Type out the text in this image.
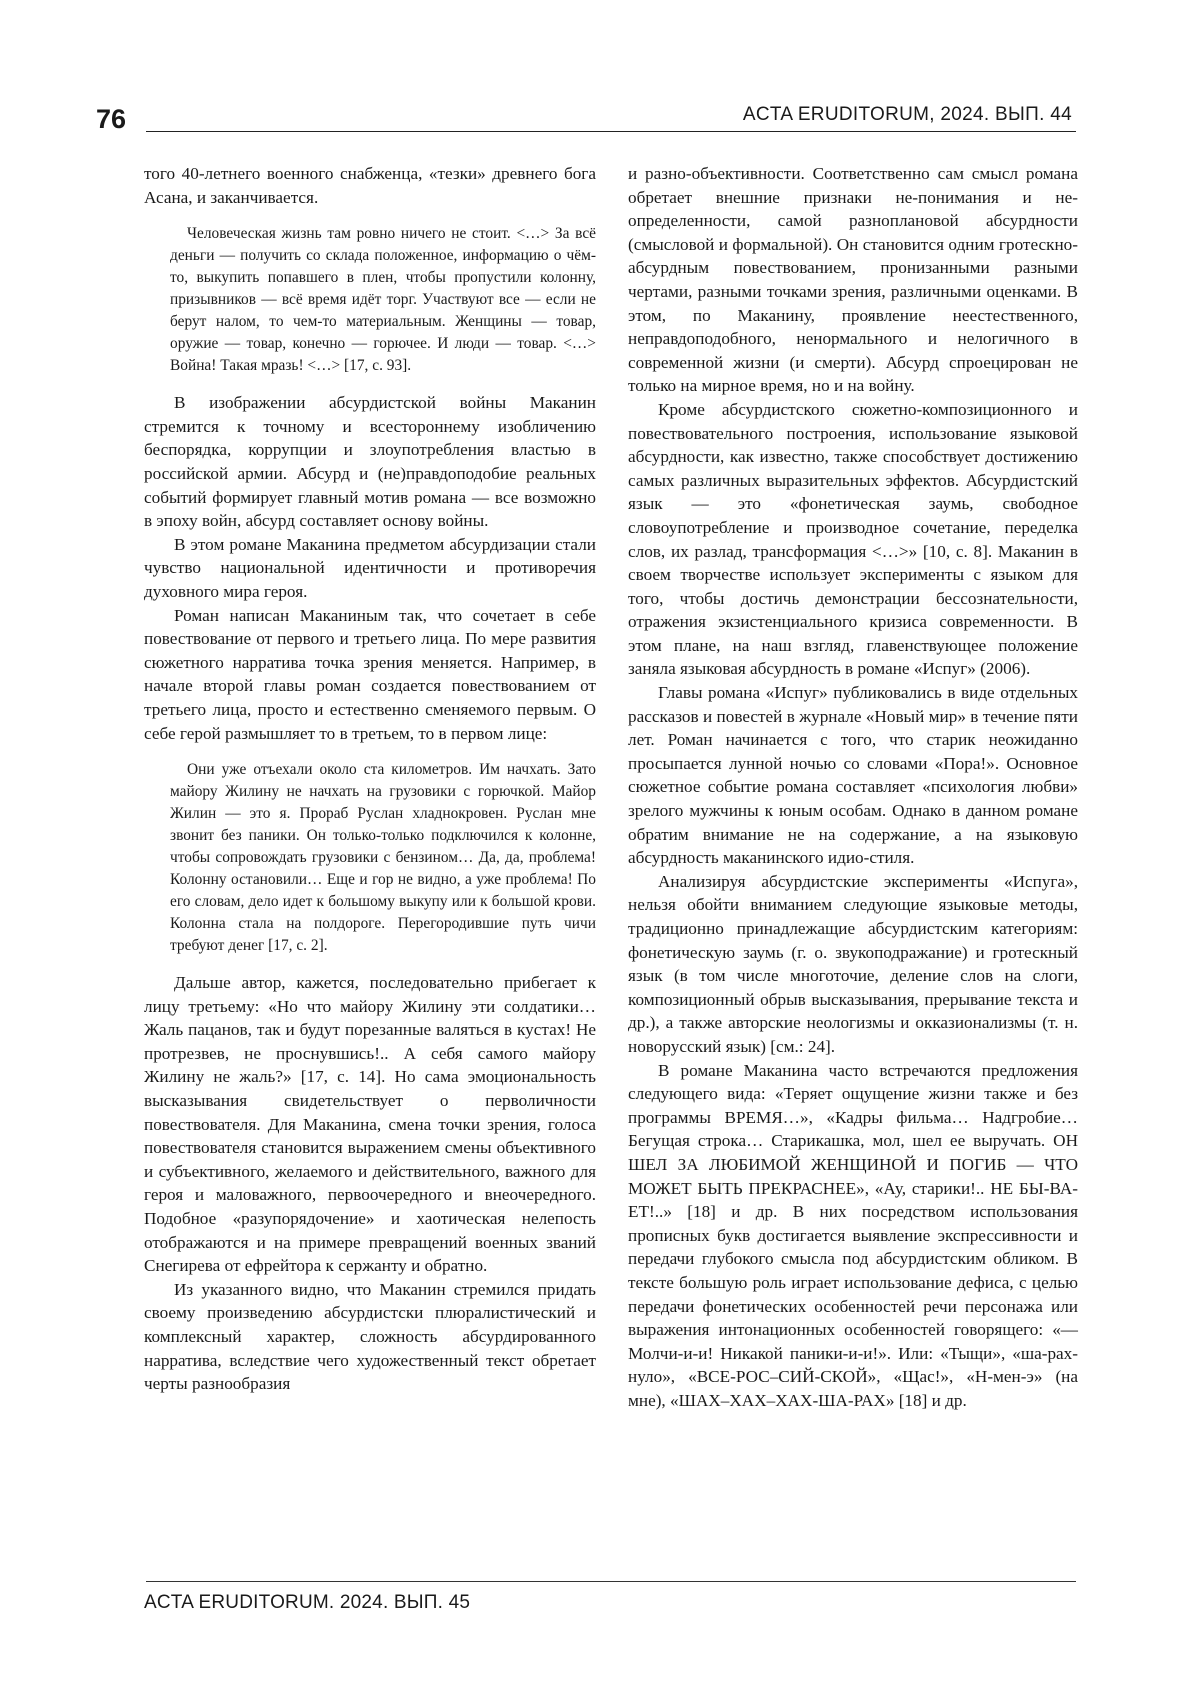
76	ACTA ERUDITORUM, 2024. ВЫП. 44

того 40-летнего военного снабженца, «тезки» древнего бога Асана, и заканчивается.

Человеческая жизнь там ровно ничего не стоит. <…> За всё деньги — получить со склада положенное, информацию о чём-то, выкупить попавшего в плен, чтобы пропустили колонну, призывников — всё время идёт торг. Участвуют все — если не берут налом, то чем-то материальным. Женщины — товар, оружие — товар, конечно — горючее. И люди — товар. <…> Война! Такая мразь! <…> [17, с. 93].

В изображении абсурдистской войны Маканин стремится к точному и всестороннему изобличению беспорядка, коррупции и злоупотребления властью в российской армии. Абсурд и (не)правдоподобие реальных событий формирует главный мотив романа — все возможно в эпоху войн, абсурд составляет основу войны.

В этом романе Маканина предметом абсурдизации стали чувство национальной идентичности и противоречия духовного мира героя.

Роман написан Маканиным так, что сочетает в себе повествование от первого и третьего лица. По мере развития сюжетного нарратива точка зрения меняется. Например, в начале второй главы роман создается повествованием от третьего лица, просто и естественно сменяемого первым. О себе герой размышляет то в третьем, то в первом лице:

Они уже отъехали около ста километров. Им начхать. Зато майору Жилину не начхать на грузовики с горючкой. Майор Жилин — это я. Прораб Руслан хладнокровен. Руслан мне звонит без паники. Он только-только подключился к колонне, чтобы сопровождать грузовики с бензином… Да, да, проблема! Колонну остановили… Еще и гор не видно, а уже проблема! По его словам, дело идет к большому выкупу или к большой крови. Колонна стала на полдороге. Перегородившие путь чичи требуют денег [17, с. 2].

Дальше автор, кажется, последовательно прибегает к лицу третьему: «Но что майору Жилину эти солдатики… Жаль пацанов, так и будут порезанные валяться в кустах! Не протрезвев, не проснувшись!.. А себя самого майору Жилину не жаль?» [17, с. 14]. Но сама эмоциональность высказывания свидетельствует о перволичности повествователя. Для Маканина, смена точки зрения, голоса повествователя становится выражением смены объективного и субъективного, желаемого и действительного, важного для героя и маловажного, первоочередного и внеочередного. Подобное «разупорядочение» и хаотическая нелепость отображаются и на примере превращений военных званий Снегирева от ефрейтора к сержанту и обратно.

Из указанного видно, что Маканин стремился придать своему произведению абсурдистски плюралистический и комплексный характер, сложность абсурдированного нарратива, вследствие чего художественный текст обретает черты разнообразия

и разно-объективности. Соответственно сам смысл романа обретает внешние признаки не-понимания и не-определенности, самой разноплановой абсурдности (смысловой и формальной). Он становится одним гротескно-абсурдным повествованием, пронизанными разными чертами, разными точками зрения, различными оценками. В этом, по Маканину, проявление неестественного, неправдоподобного, ненормального и нелогичного в современной жизни (и смерти). Абсурд спроецирован не только на мирное время, но и на войну.

Кроме абсурдистского сюжетно-композиционного и повествовательного построения, использование языковой абсурдности, как известно, также способствует достижению самых различных выразительных эффектов. Абсурдистский язык — это «фонетическая заумь, свободное словоупотребление и производное сочетание, переделка слов, их разлад, трансформация <…>» [10, с. 8]. Маканин в своем творчестве использует эксперименты с языком для того, чтобы достичь демонстрации бессознательности, отражения экзистенциального кризиса современности. В этом плане, на наш взгляд, главенствующее положение заняла языковая абсурдность в романе «Испуг» (2006).

Главы романа «Испуг» публиковались в виде отдельных рассказов и повестей в журнале «Новый мир» в течение пяти лет. Роман начинается с того, что старик неожиданно просыпается лунной ночью со словами «Пора!». Основное сюжетное событие романа составляет «психология любви» зрелого мужчины к юным особам. Однако в данном романе обратим внимание не на содержание, а на языковую абсурдность маканинского идио-стиля.

Анализируя абсурдистские эксперименты «Испуга», нельзя обойти вниманием следующие языковые методы, традиционно принадлежащие абсурдистским категориям: фонетическую заумь (г. о. звукоподражание) и гротескный язык (в том числе многоточие, деление слов на слоги, композиционный обрыв высказывания, прерывание текста и др.), а также авторские неологизмы и окказионализмы (т. н. новорусский язык) [см.: 24].

В романе Маканина часто встречаются предложения следующего вида: «Теряет ощущение жизни также и без программы ВРЕМЯ…», «Кадры фильма… Надгробие… Бегущая строка… Старикашка, мол, шел ее выручать. ОН ШЕЛ ЗА ЛЮБИМОЙ ЖЕНЩИНОЙ И ПОГИБ — ЧТО МОЖЕТ БЫТЬ ПРЕКРАСНЕЕ», «Ау, старики!.. НЕ БЫ-ВА-ЕТ!..» [18] и др. В них посредством использования прописных букв достигается выявление экспрессивности и передачи глубокого смысла под абсурдистским обликом. В тексте большую роль играет использование дефиса, с целью передачи фонетических особенностей речи персонажа или выражения интонационных особенностей говорящего: «— Молчи-и-и! Никакой паники-и-и!». Или: «Тыщи», «ша-рах-нуло», «ВСЕ-РОС–СИЙ-СКОЙ», «Щас!», «Н-мен-э» (на мне), «ШАХ–ХАХ–ХАХ-ША-РАХ» [18] и др.

ACTA ERUDITORUM. 2024. ВЫП. 45
